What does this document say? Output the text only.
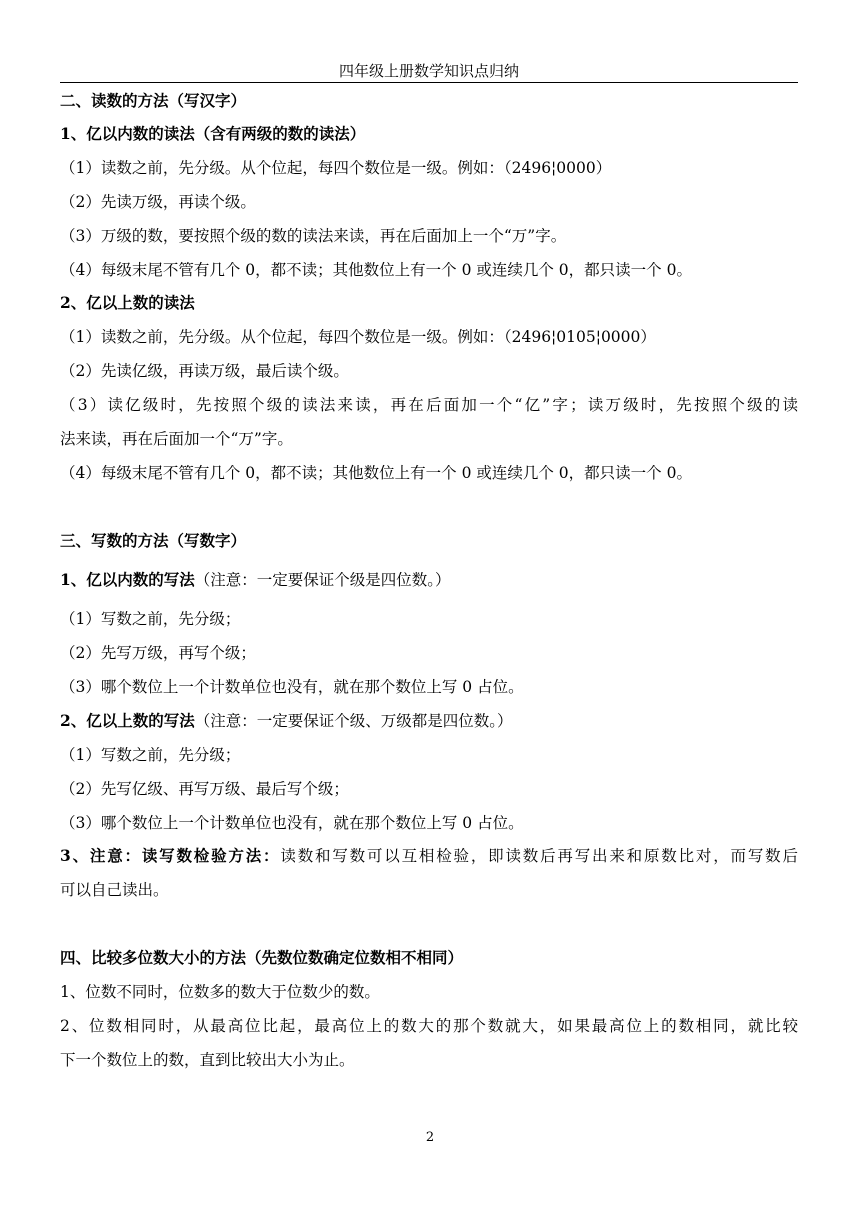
四年级上册数学知识点归纳
二、读数的方法（写汉字）
1、亿以内数的读法（含有两级的数的读法）
（1）读数之前，先分级。从个位起，每四个数位是一级。例如：（2496¦0000）
（2）先读万级，再读个级。
（3）万级的数，要按照个级的数的读法来读，再在后面加上一个“万”字。
（4）每级末尾不管有几个 0，都不读；其他数位上有一个 0 或连续几个 0，都只读一个 0。
2、亿以上数的读法
（1）读数之前，先分级。从个位起，每四个数位是一级。例如：（2496¦0105¦0000）
（2）先读亿级，再读万级，最后读个级。
（3）读亿级时，先按照个级的读法来读，再在后面加一个“亿”字；读万级时，先按照个级的读
法来读，再在后面加一个“万”字。
（4）每级末尾不管有几个 0，都不读；其他数位上有一个 0 或连续几个 0，都只读一个 0。
三、写数的方法（写数字）
1、亿以内数的写法（注意：一定要保证个级是四位数。）
（1）写数之前，先分级；
（2）先写万级，再写个级；
（3）哪个数位上一个计数单位也没有，就在那个数位上写 0 占位。
2、亿以上数的写法（注意：一定要保证个级、万级都是四位数。）
（1）写数之前，先分级；
（2）先写亿级、再写万级、最后写个级；
（3）哪个数位上一个计数单位也没有，就在那个数位上写 0 占位。
3、注意：读写数检验方法：读数和写数可以互相检验，即读数后再写出来和原数比对，而写数后
可以自己读出。
四、比较多位数大小的方法（先数位数确定位数相不相同）
1、位数不同时，位数多的数大于位数少的数。
2、位数相同时，从最高位比起，最高位上的数大的那个数就大，如果最高位上的数相同，就比较
下一个数位上的数，直到比较出大小为止。
2
